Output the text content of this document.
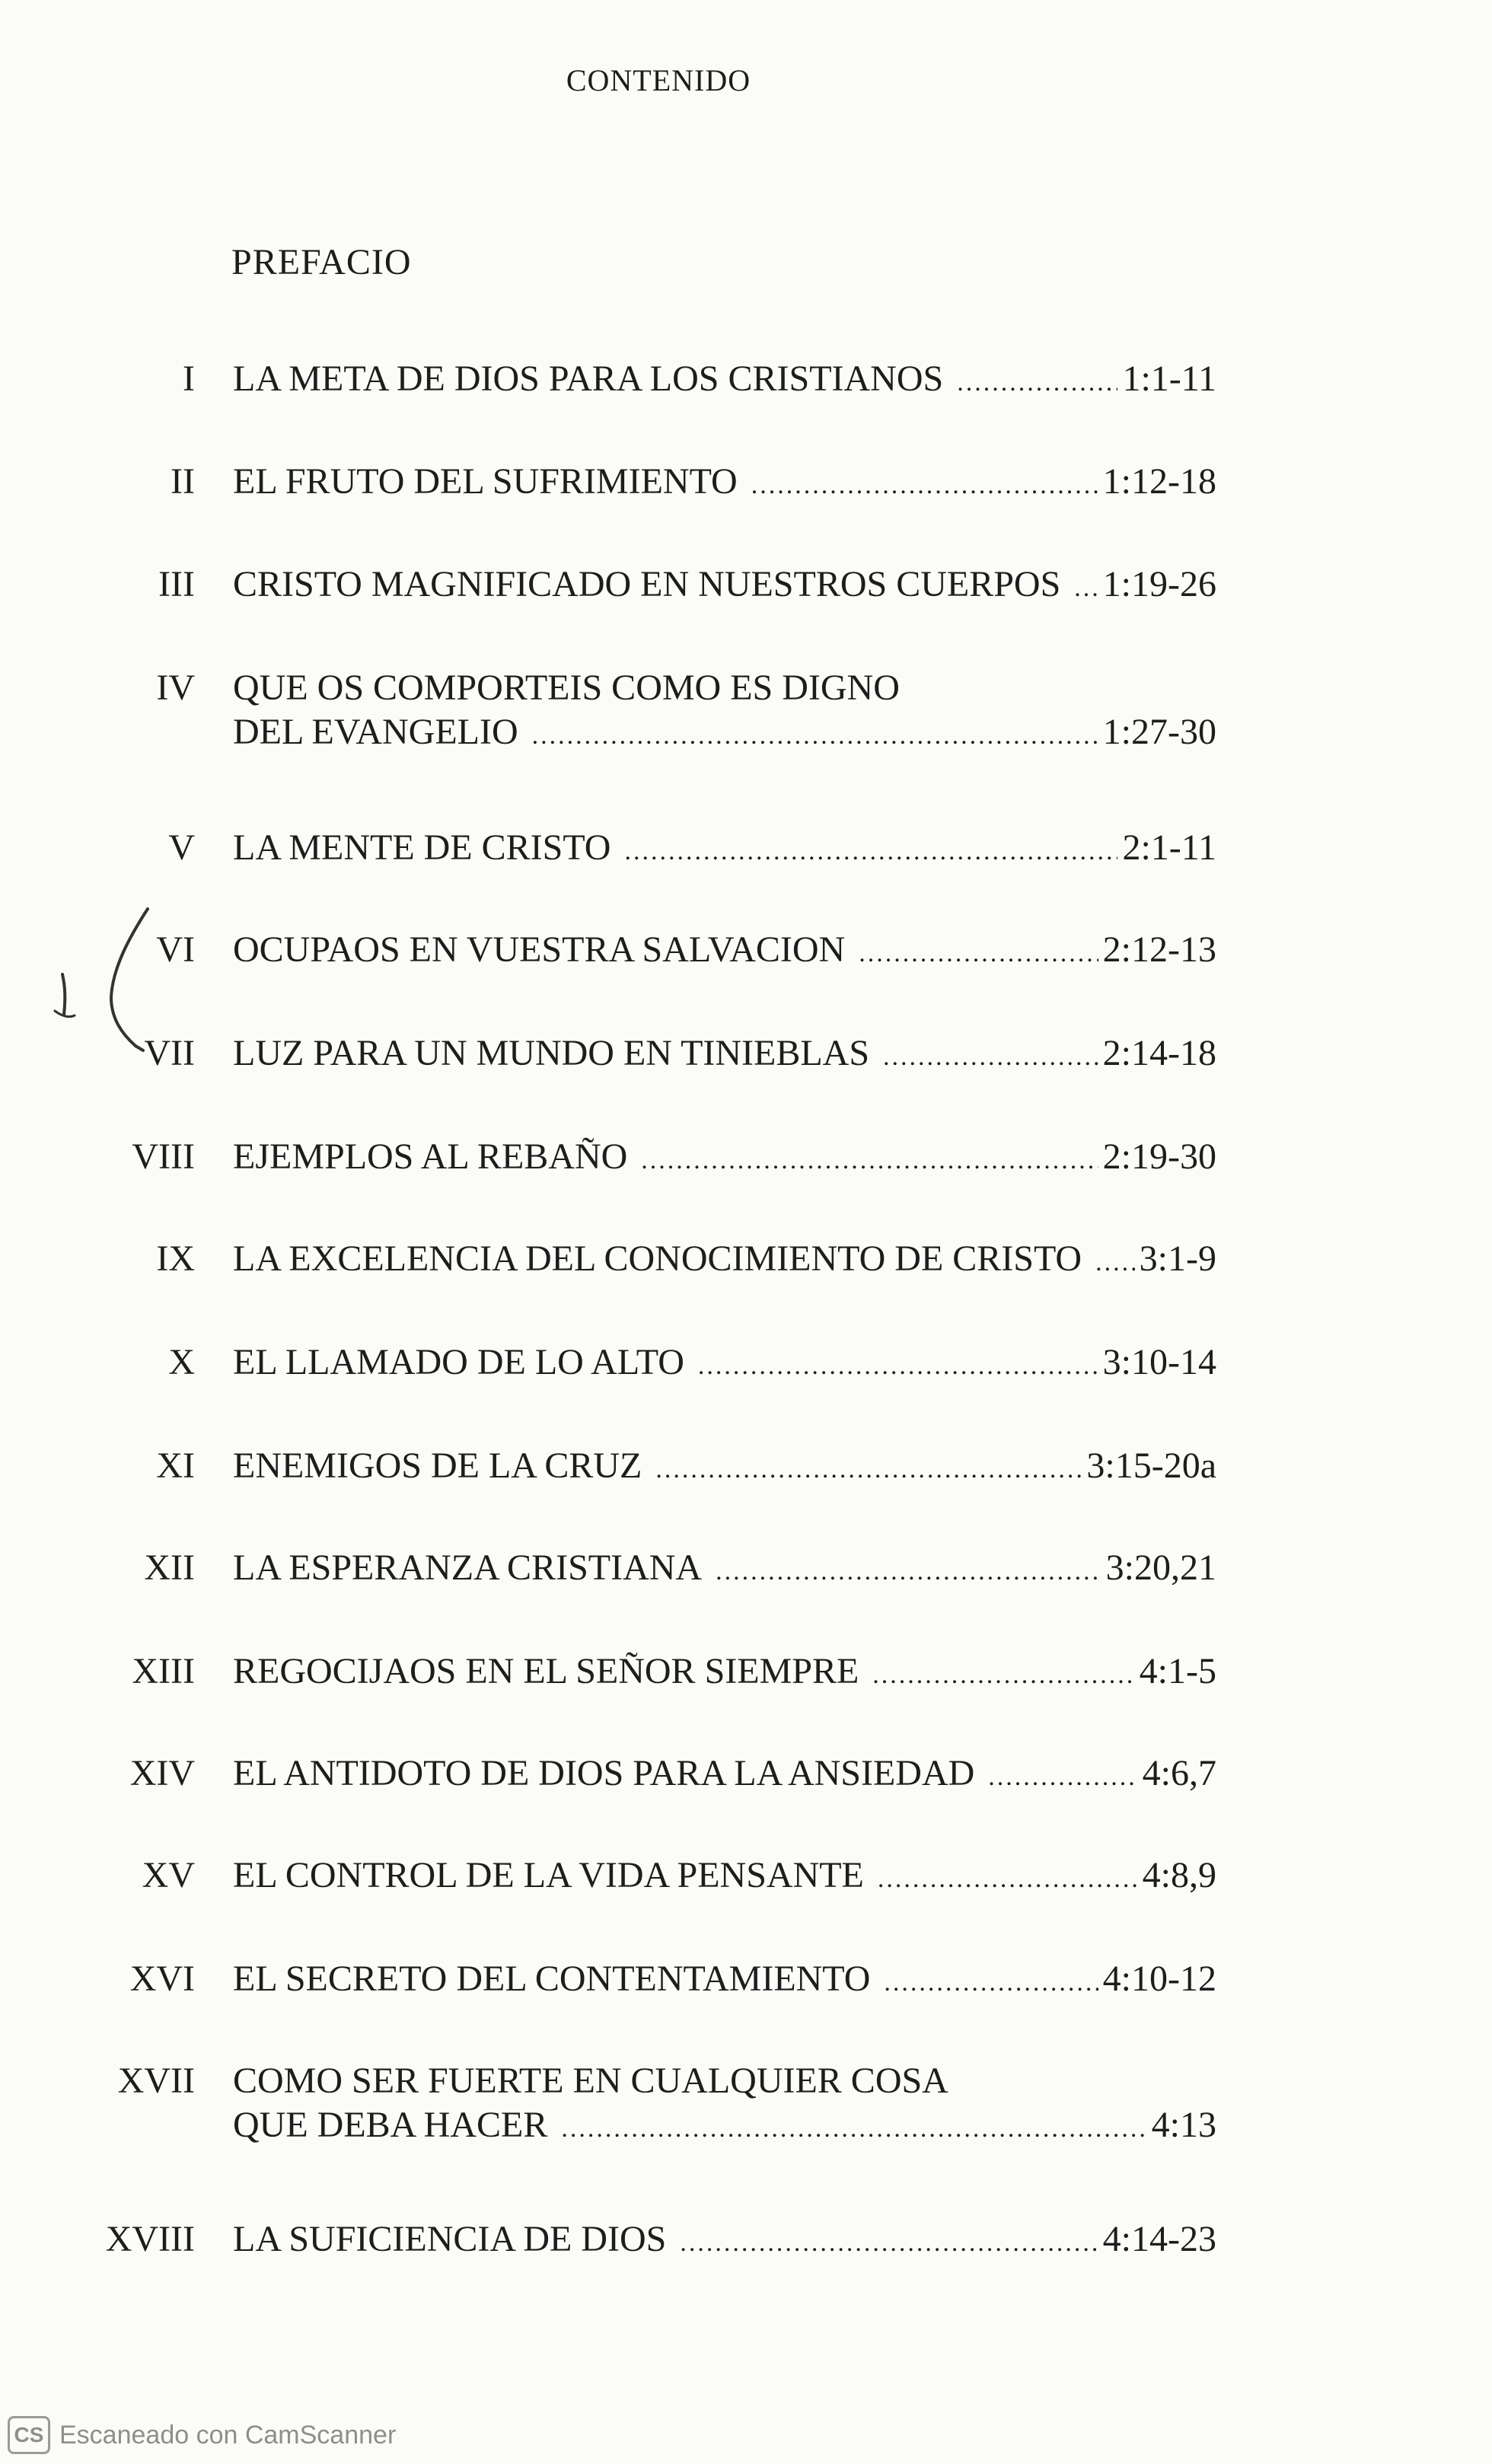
CONTENIDO
PREFACIO
I LA META DE DIOS PARA LOS CRISTIANOS .....	1:1-11
II EL FRUTO DEL SUFRIMIENTO .....	1:12-18
III CRISTO MAGNIFICADO EN NUESTROS CUERPOS ..... 1:19-26
IV QUE OS COMPORTEIS COMO ES DIGNO
DEL EVANGELIO .....	1:27-30
V LA MENTE DE CRISTO .....	2:1-11
VI OCUPAOS EN VUESTRA SALVACION .....	2:12-13
VII LUZ PARA UN MUNDO EN TINIEBLAS .....	2:14-18
VIII EJEMPLOS AL REBAÑO .....	2:19-30
IX LA EXCELENCIA DEL CONOCIMIENTO DE CRISTO ..... 3:1-9
X EL LLAMADO DE LO ALTO .....	3:10-14
XI ENEMIGOS DE LA CRUZ .....	3:15-20a
XII LA ESPERANZA CRISTIANA .....	3:20,21
XIII REGOCIJAOS EN EL SEÑOR SIEMPRE .....	4:1-5
XIV EL ANTIDOTO DE DIOS PARA LA ANSIEDAD .....	4:6,7
XV EL CONTROL DE LA VIDA PENSANTE .....	4:8,9
XVI EL SECRETO DEL CONTENTAMIENTO .....	4:10-12
XVII COMO SER FUERTE EN CUALQUIER COSA
QUE DEBA HACER .....	4:13
XVIII LA SUFICIENCIA DE DIOS .....	4:14-23
CS Escaneado con CamScanner
